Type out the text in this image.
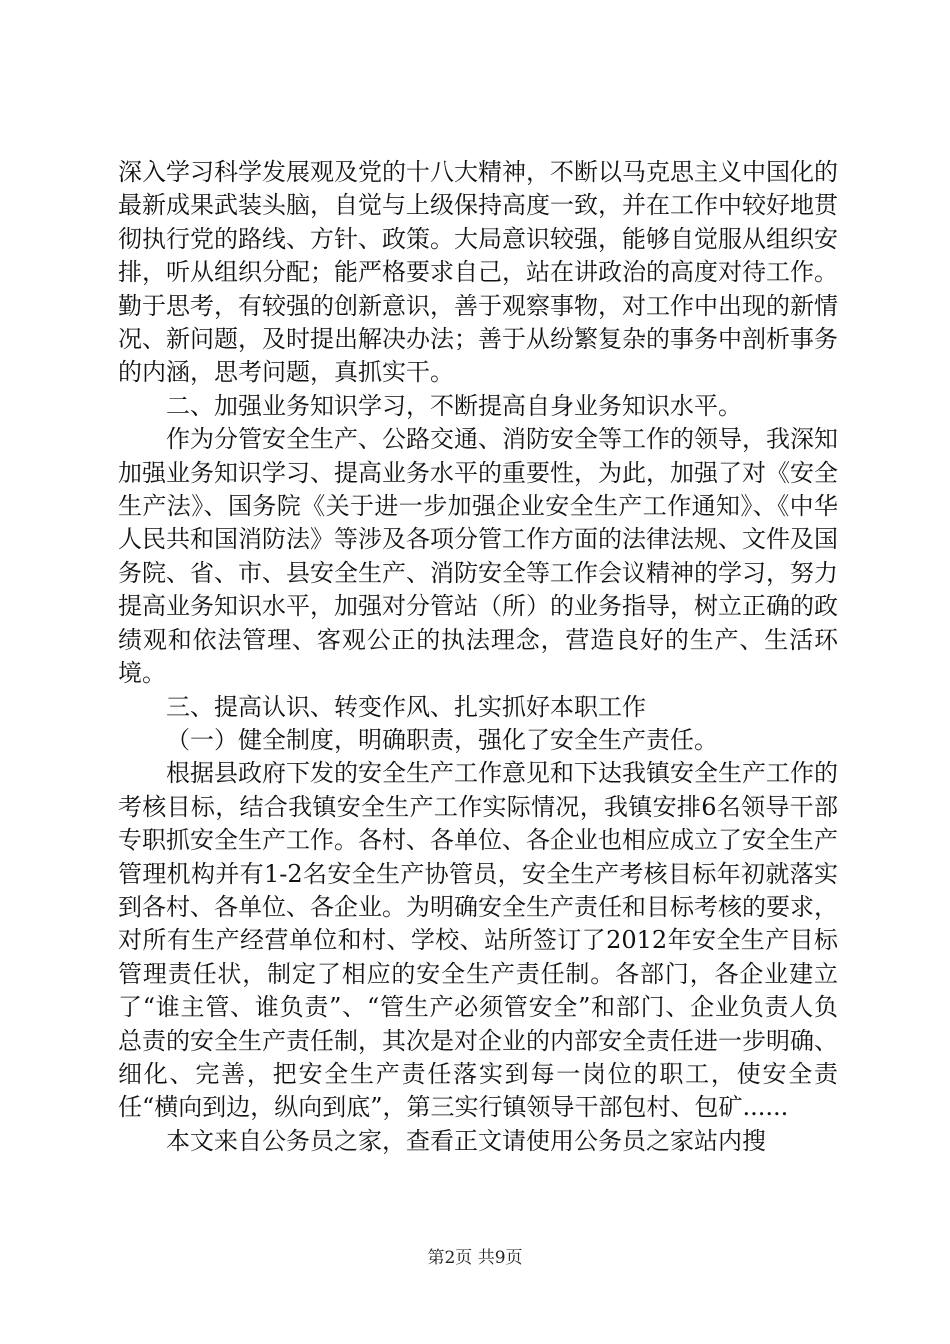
深入学习科学发展观及党的十八大精神，不断以马克思主义中国化的最新成果武装头脑，自觉与上级保持高度一致，并在工作中较好地贯彻执行党的路线、方针、政策。大局意识较强，能够自觉服从组织安排，听从组织分配；能严格要求自己，站在讲政治的高度对待工作。勤于思考，有较强的创新意识，善于观察事物，对工作中出现的新情况、新问题，及时提出解决办法；善于从纷繁复杂的事务中剖析事务的内涵，思考问题，真抓实干。

二、加强业务知识学习，不断提高自身业务知识水平。

作为分管安全生产、公路交通、消防安全等工作的领导，我深知加强业务知识学习、提高业务水平的重要性，为此，加强了对《安全生产法》、国务院《关于进一步加强企业安全生产工作通知》、《中华人民共和国消防法》等涉及各项分管工作方面的法律法规、文件及国务院、省、市、县安全生产、消防安全等工作会议精神的学习，努力提高业务知识水平，加强对分管站（所）的业务指导，树立正确的政绩观和依法管理、客观公正的执法理念，营造良好的生产、生活环境。

三、提高认识、转变作风、扎实抓好本职工作

（一）健全制度，明确职责，强化了安全生产责任。

根据县政府下发的安全生产工作意见和下达我镇安全生产工作的考核目标，结合我镇安全生产工作实际情况，我镇安排6名领导干部专职抓安全生产工作。各村、各单位、各企业也相应成立了安全生产管理机构并有1-2名安全生产协管员，安全生产考核目标年初就落实到各村、各单位、各企业。为明确安全生产责任和目标考核的要求，对所有生产经营单位和村、学校、站所签订了2012年安全生产目标管理责任状，制定了相应的安全生产责任制。各部门，各企业建立了“谁主管、谁负责”、“管生产必须管安全”和部门、企业负责人负总责的安全生产责任制，其次是对企业的内部安全责任进一步明确、细化、完善，把安全生产责任落实到每一岗位的职工，使安全责任“横向到边，纵向到底”，第三实行镇领导干部包村、包矿......

本文来自公务员之家，查看正文请使用公务员之家站内搜

第2页 共9页
